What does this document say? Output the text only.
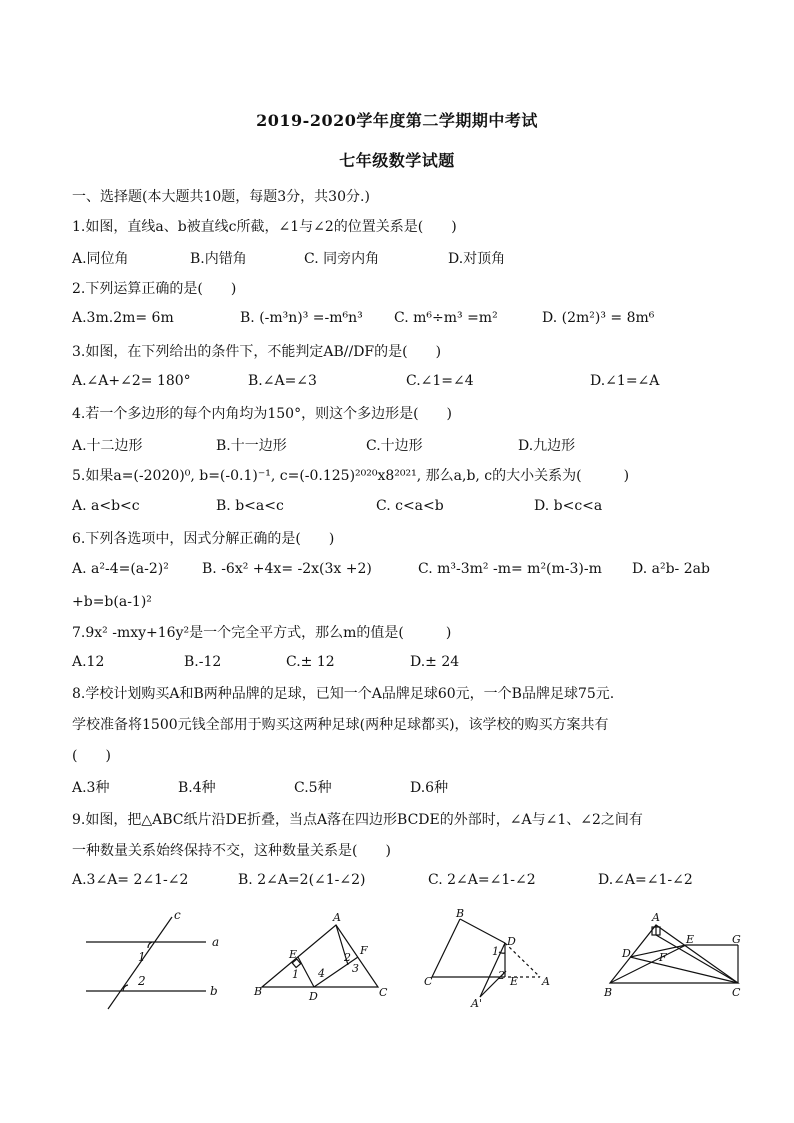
2019-2020学年度第二学期期中考试
七年级数学试题
一、选择题(本大题共10题，每题3分，共30分.)
1.如图，直线a、b被直线c所截，∠1与∠2的位置关系是(　　)
A.同位角	B.内错角	C. 同旁内角	D.对顶角
2.下列运算正确的是(　　)
A.3m.2m= 6m	B. (-m³n)³ =-m⁶n³ C. m⁶÷m³ =m²	D. (2m²)³ = 8m⁶
3.如图，在下列给出的条件下，不能判定AB//DF的是(　　)
A.∠A+∠2= 180°	B.∠A=∠3	C.∠1=∠4	D.∠1=∠A
4.若一个多边形的每个内角均为150°，则这个多边形是(　　)
A.十二边形	B.十一边形	C.十边形	D.九边形
5.如果a=(-2020)⁰, b=(-0.1)⁻¹, c=(-0.125)²⁰²⁰x8²⁰²¹, 那么a,b, c的大小关系为(　　　)
A. a<b<c	B. b<a<c	C. c<a<b	D. b<c<a
6.下列各选项中，因式分解正确的是(　　)
A. a²-4=(a-2)² B. -6x² +4x= -2x(3x +2)	C. m³-3m² -m= m²(m-3)-m D. a²b- 2ab
+b=b(a-1)²
7.9x² -mxy+16y²是一个完全平方式，那么m的值是(　　　)
A.12	B.-12	C.± 12	D.± 24
8.学校计划购买A和B两种品牌的足球，已知一个A品牌足球60元，一个B品牌足球75元.
学校准备将1500元钱全部用于购买这两种足球(两种足球都买)，该学校的购买方案共有
(　　)
A.3种	B.4种	C.5种	D.6种
9.如图，把△ABC纸片沿DE折叠，当点A落在四边形BCDE的外部时，∠A与∠1、∠2之间有
一种数量关系始终保持不交，这种数量关系是(　　)
A.3∠A= 2∠1-∠2	B. 2∠A=2(∠1-∠2)	C. 2∠A=∠1-∠2	D.∠A=∠1-∠2
c
a
b
1
2
A
B	C
D
E	F
1
2
3
4
B
C
D
E A
A'
1
2
A
B	C
D
E
F
G
